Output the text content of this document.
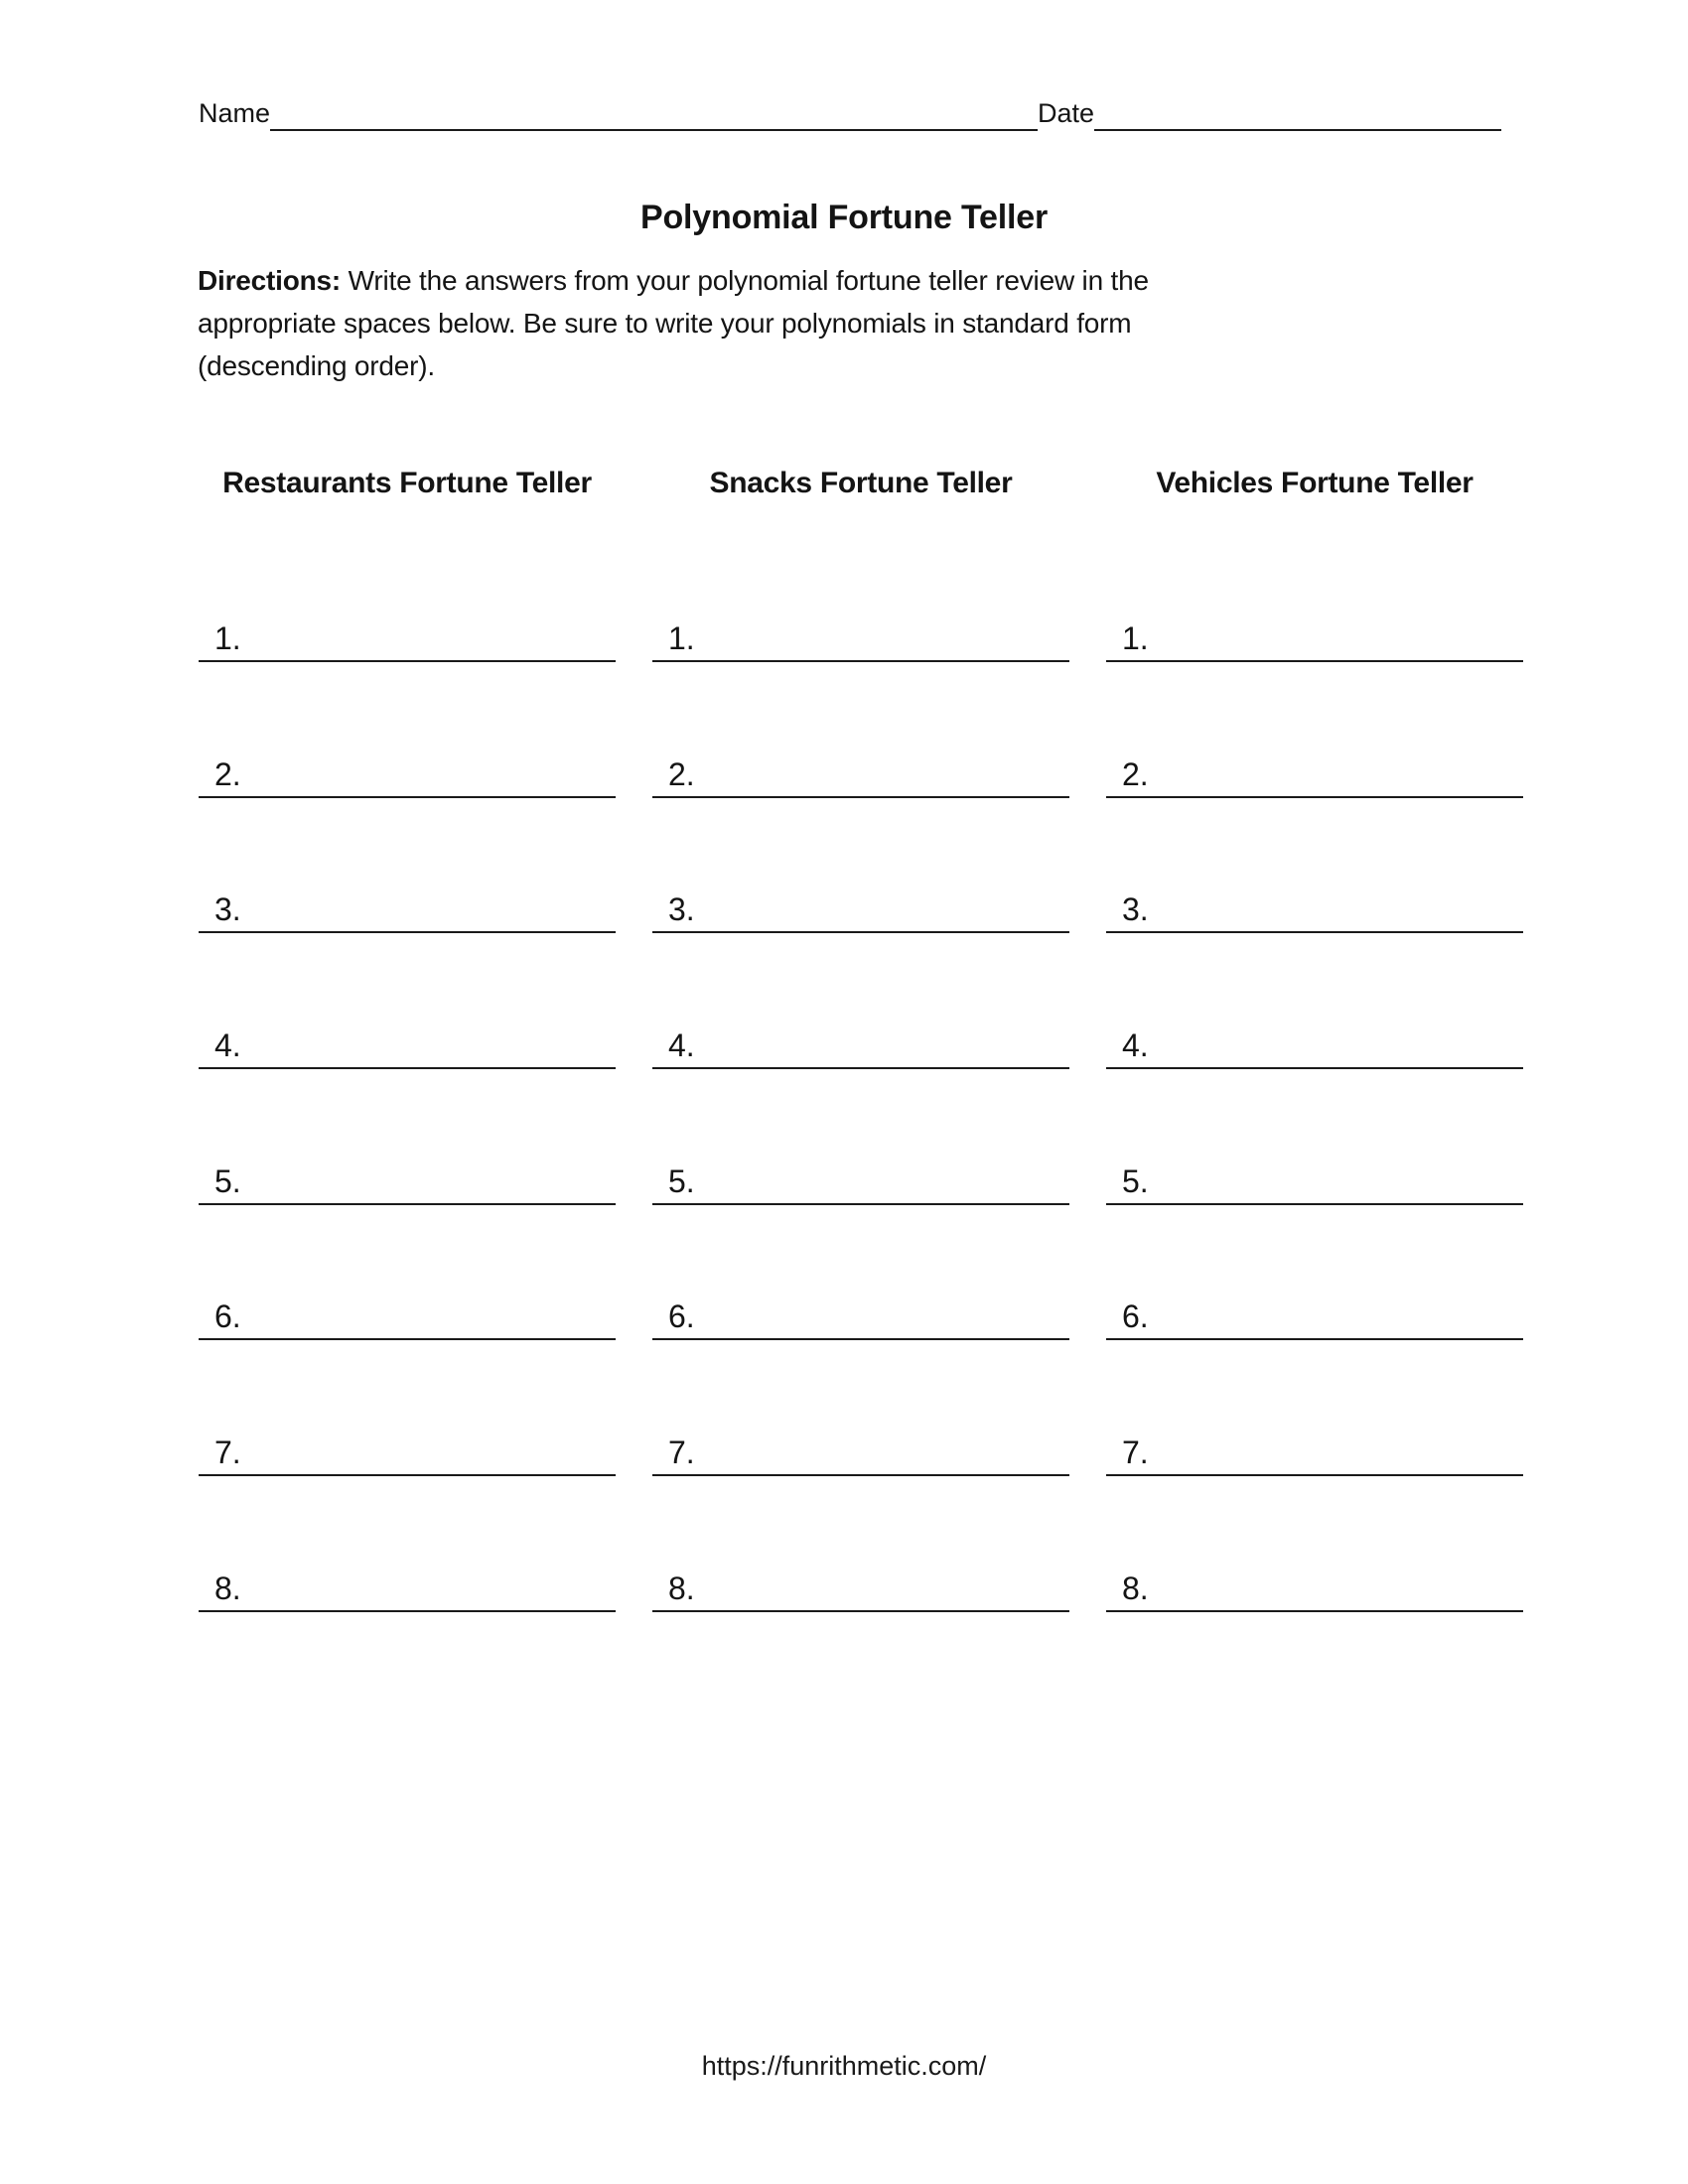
Name	Date
Polynomial Fortune Teller
Directions: Write the answers from your polynomial fortune teller review in the
appropriate spaces below. Be sure to write your polynomials in standard form
(descending order).
Restaurants Fortune Teller
1.
2.
3.
4.
5.
6.
7.
8.
Snacks Fortune Teller
1.
2.
3.
4.
5.
6.
7.
8.
Vehicles Fortune Teller
1.
2.
3.
4.
5.
6.
7.
8.
https://funrithmetic.com/
